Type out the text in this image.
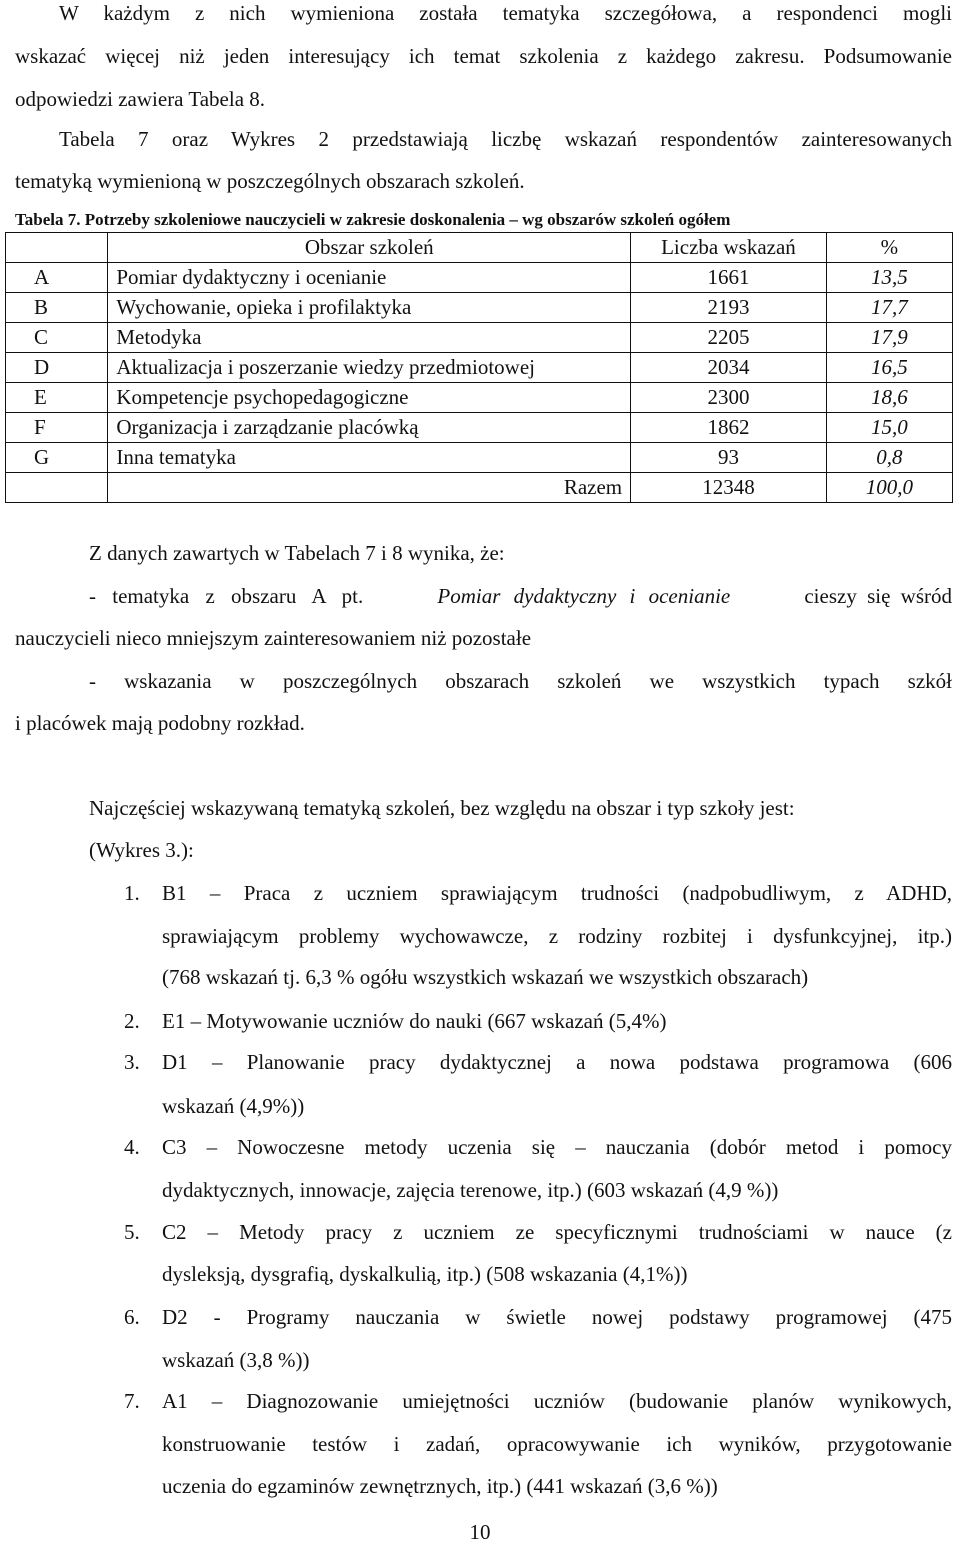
W każdym z nich wymieniona została tematyka szczegółowa, a respondenci mogli
wskazać więcej niż jeden interesujący ich temat szkolenia z każdego zakresu. Podsumowanie
odpowiedzi zawiera Tabela 8.
Tabela 7 oraz Wykres 2 przedstawiają liczbę wskazań respondentów zainteresowanych
tematyką wymienioną w poszczególnych obszarach szkoleń.
Tabela 7. Potrzeby szkoleniowe nauczycieli w zakresie doskonalenia – wg obszarów szkoleń ogółem
	Obszar szkoleń	Liczba wskazań	%
A	Pomiar dydaktyczny i ocenianie	1661	13,5
B	Wychowanie, opieka i profilaktyka	2193	17,7
C	Metodyka	2205	17,9
D	Aktualizacja i poszerzanie wiedzy przedmiotowej	2034	16,5
E	Kompetencje psychopedagogiczne	2300	18,6
F	Organizacja i zarządzanie placówką	1862	15,0
G	Inna tematyka	93	0,8
	Razem	12348	100,0
Z danych zawartych w Tabelach 7 i 8 wynika, że:
- tematyka z obszaru A pt.	Pomiar dydaktyczny i ocenianie	cieszy się wśród
nauczycieli nieco mniejszym zainteresowaniem niż pozostałe
- wskazania w poszczególnych obszarach szkoleń we wszystkich typach szkół
i placówek mają podobny rozkład.
Najczęściej wskazywaną tematyką szkoleń, bez względu na obszar i typ szkoły jest:
(Wykres 3.):
1. B1 – Praca z uczniem sprawiającym trudności (nadpobudliwym, z ADHD,
sprawiającym problemy wychowawcze, z rodziny rozbitej i dysfunkcyjnej, itp.)
(768 wskazań tj. 6,3 % ogółu wszystkich wskazań we wszystkich obszarach)
2. E1 – Motywowanie uczniów do nauki (667 wskazań (5,4%)
3. D1 – Planowanie pracy dydaktycznej a nowa podstawa programowa (606
wskazań (4,9%))
4. C3 – Nowoczesne metody uczenia się – nauczania (dobór metod i pomocy
dydaktycznych, innowacje, zajęcia terenowe, itp.) (603 wskazań (4,9 %))
5. C2 – Metody pracy z uczniem ze specyficznymi trudnościami w nauce (z
dysleksją, dysgrafią, dyskalkulią, itp.) (508 wskazania (4,1%))
6. D2 - Programy nauczania w świetle nowej podstawy programowej (475
wskazań (3,8 %))
7. A1 – Diagnozowanie umiejętności uczniów (budowanie planów wynikowych,
konstruowanie testów i zadań, opracowywanie ich wyników, przygotowanie
uczenia do egzaminów zewnętrznych, itp.) (441 wskazań (3,6 %))
10
